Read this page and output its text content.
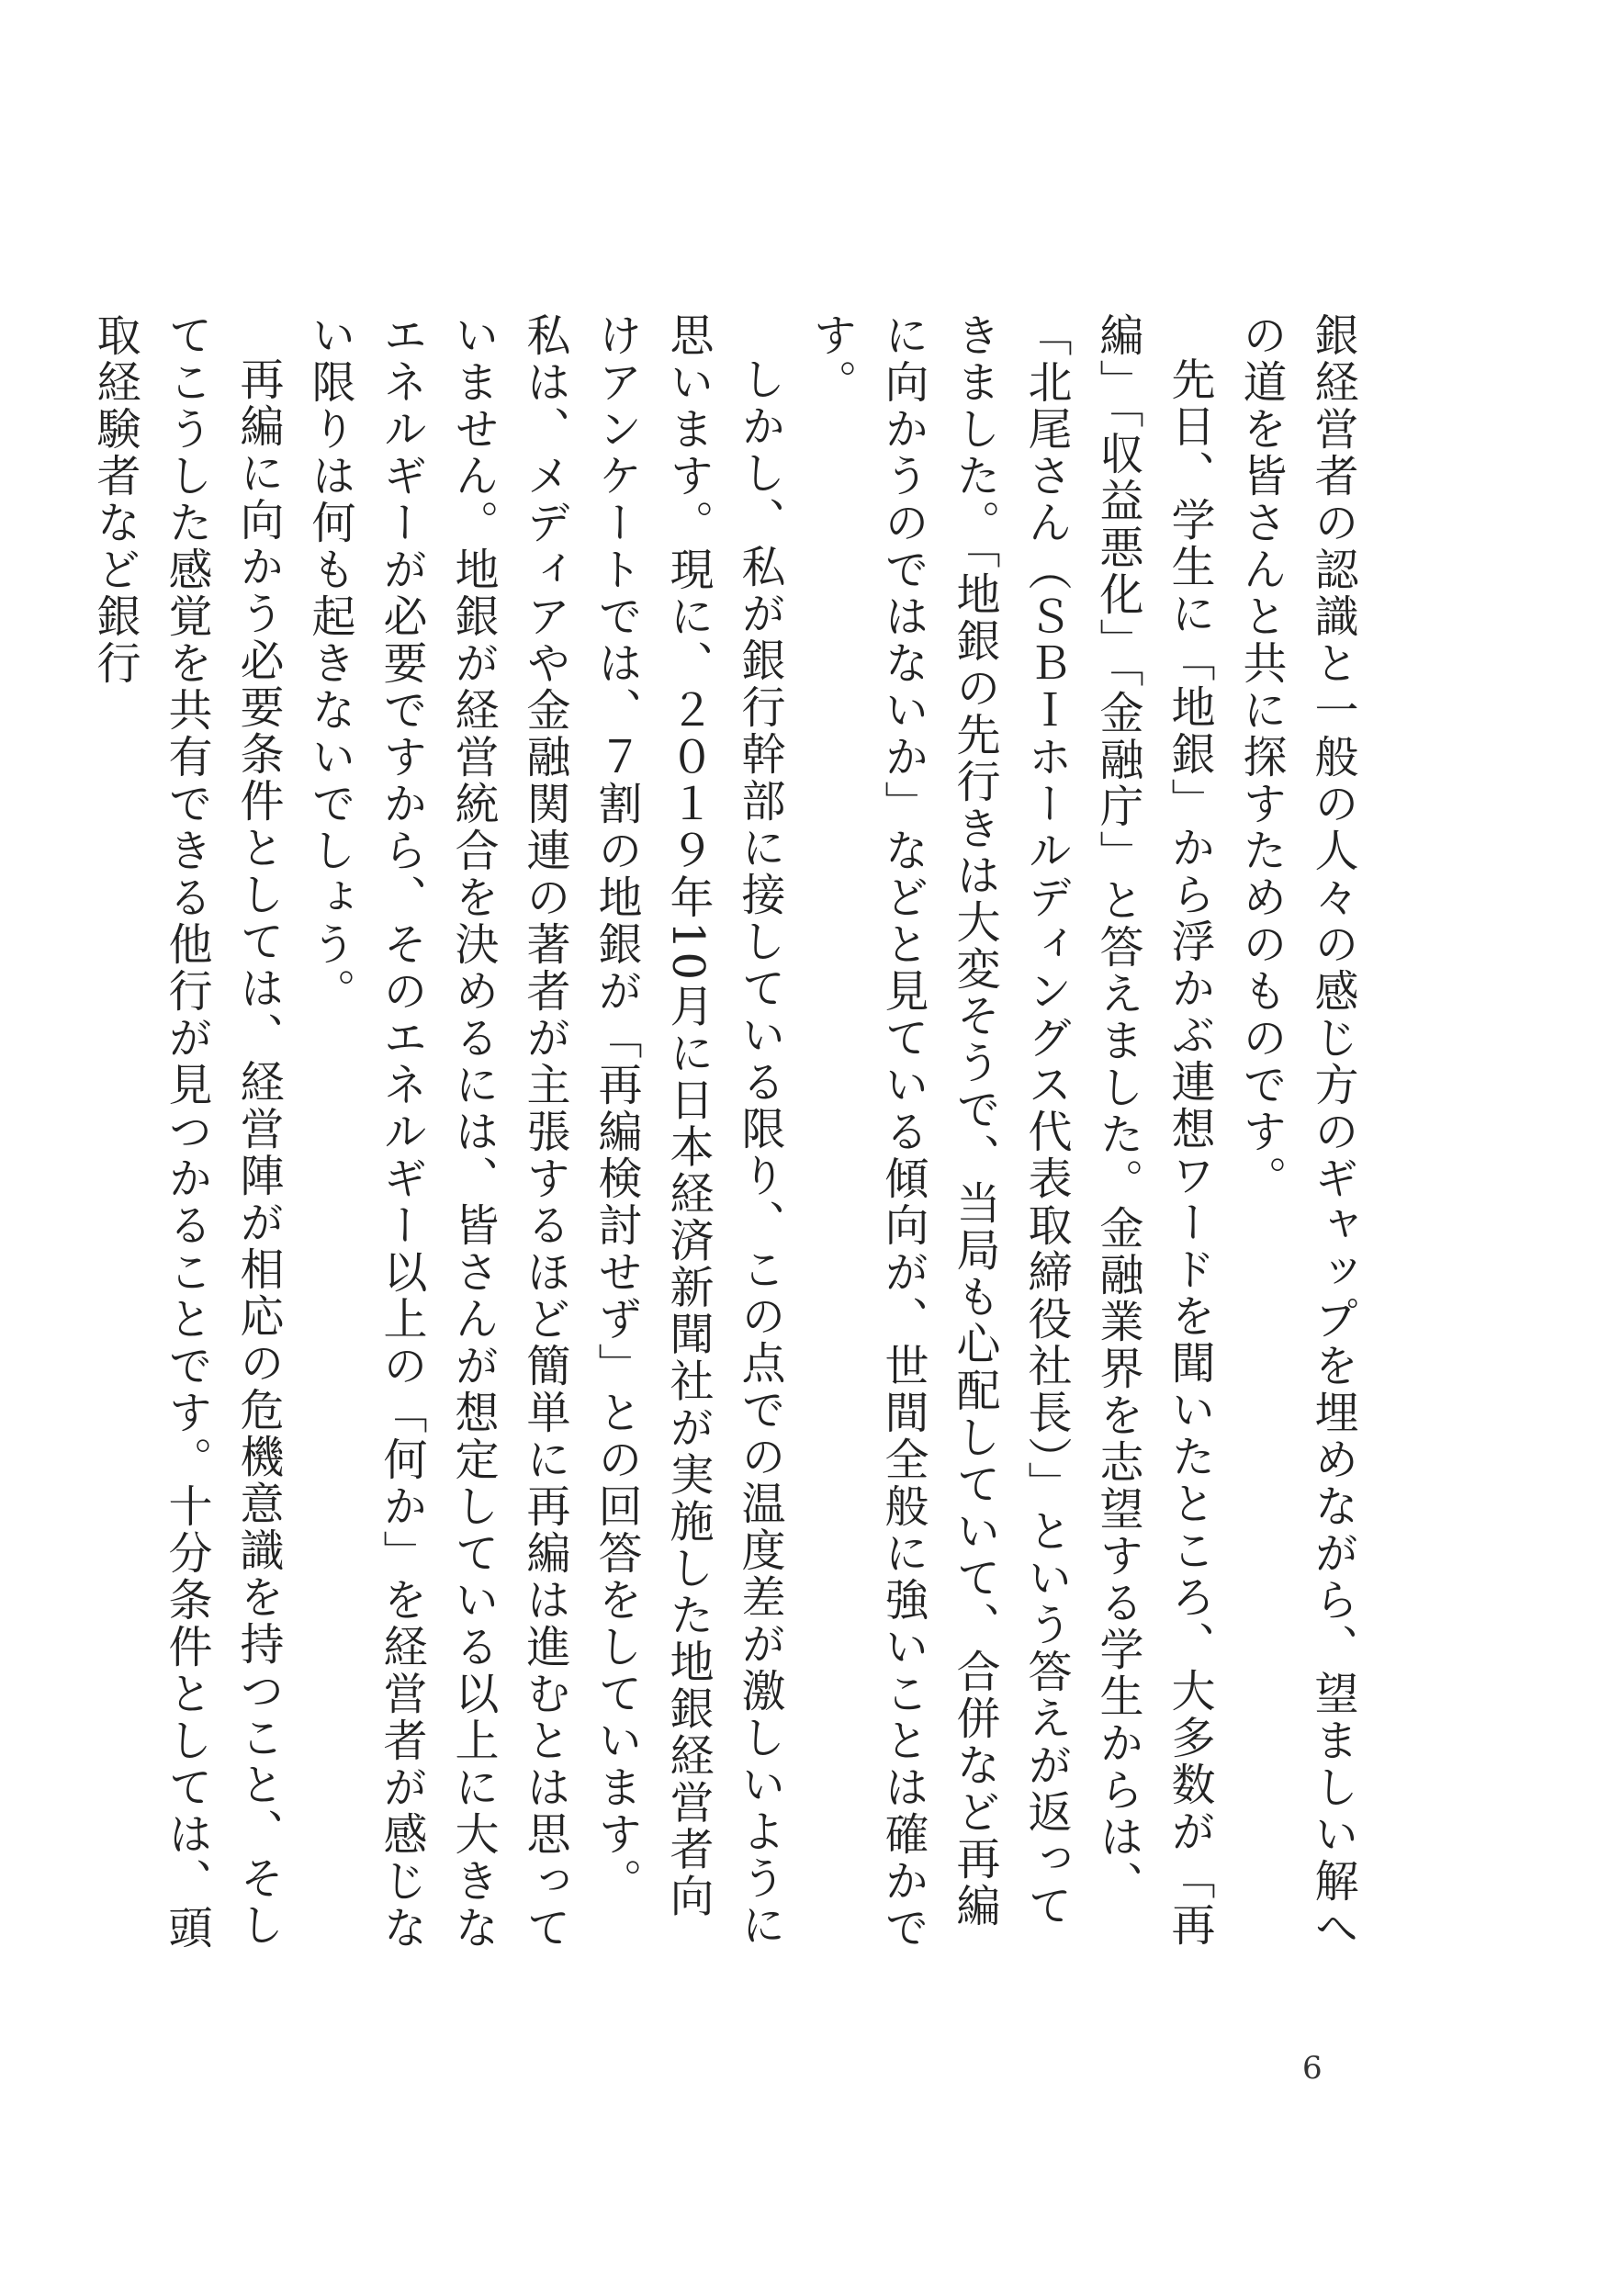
銀経営者の認識と一般の人々の感じ方のギャップを埋めながら、望ましい解への道を皆さんと共に探すためのものです。

先日、学生に「地銀」から浮かぶ連想ワードを聞いたところ、大多数が「再編」「収益悪化」「金融庁」と答えました。金融業界を志望する学生からは、「北尾さん（ＳＢＩホールディングス代表取締役社長）」という答えが返ってきました。「地銀の先行きは大変そうで、当局も心配していて、合併など再編に向かうのではないか」などと見ている傾向が、世間全般に強いことは確かです。

しかし、私が銀行幹部に接している限り、この点での温度差が激しいように思います。現に、２０１９年10月に日本経済新聞社が実施した地銀経営者向けアンケートでは、７割の地銀が「再編検討せず」との回答をしています。

私は、メディアや金融関連の著者が主張するほど簡単に再編は進むとは思っていません。地銀が経営統合を決めるには、皆さんが想定している以上に大きなエネルギーが必要ですから、そのエネルギー以上の「何か」を経営者が感じない限りは何も起きないでしょう。

再編に向かう必要条件としては、経営陣が相応の危機意識を持つこと、そしてこうした感覚を共有できる他行が見つかることです。十分条件としては、頭取経験者など銀行

6
